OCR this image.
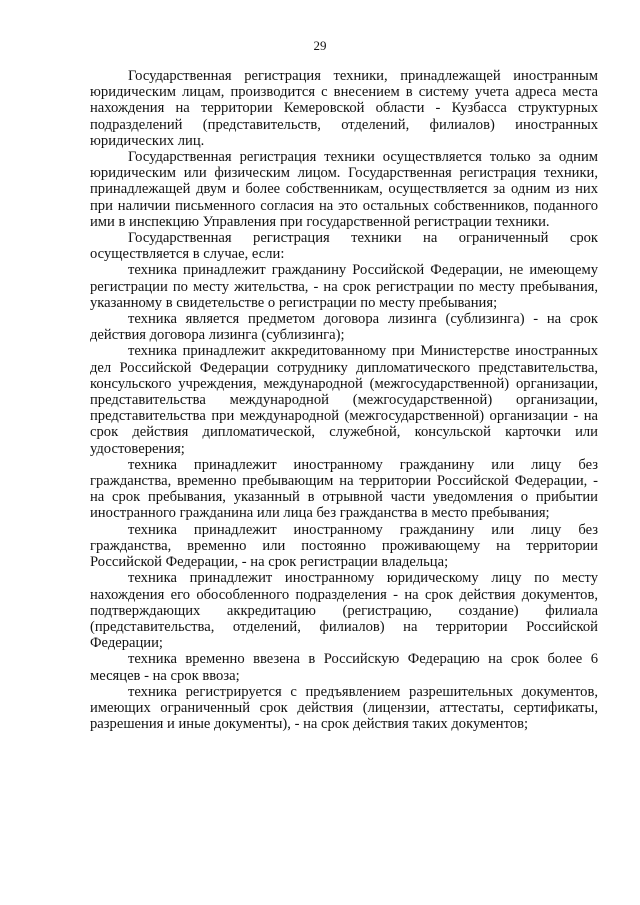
29

Государственная регистрация техники, принадлежащей иностранным юридическим лицам, производится с внесением в систему учета адреса места нахождения на территории Кемеровской области - Кузбасса структурных подразделений (представительств, отделений, филиалов) иностранных юридических лиц.

Государственная регистрация техники осуществляется только за одним юридическим или физическим лицом. Государственная регистрация техники, принадлежащей двум и более собственникам, осуществляется за одним из них при наличии письменного согласия на это остальных собственников, поданного ими в инспекцию Управления при государственной регистрации техники.

Государственная регистрация техники на ограниченный срок осуществляется в случае, если:

техника принадлежит гражданину Российской Федерации, не имеющему регистрации по месту жительства, - на срок регистрации по месту пребывания, указанному в свидетельстве о регистрации по месту пребывания;

техника является предметом договора лизинга (сублизинга) - на срок действия договора лизинга (сублизинга);

техника принадлежит аккредитованному при Министерстве иностранных дел Российской Федерации сотруднику дипломатического представительства, консульского учреждения, международной (межгосударственной) организации, представительства международной (межгосударственной) организации, представительства при международной (межгосударственной) организации - на срок действия дипломатической, служебной, консульской карточки или удостоверения;

техника принадлежит иностранному гражданину или лицу без гражданства, временно пребывающим на территории Российской Федерации, - на срок пребывания, указанный в отрывной части уведомления о прибытии иностранного гражданина или лица без гражданства в место пребывания;

техника принадлежит иностранному гражданину или лицу без гражданства, временно или постоянно проживающему на территории Российской Федерации, - на срок регистрации владельца;

техника принадлежит иностранному юридическому лицу по месту нахождения его обособленного подразделения - на срок действия документов, подтверждающих аккредитацию (регистрацию, создание) филиала (представительства, отделений, филиалов) на территории Российской Федерации;

техника временно ввезена в Российскую Федерацию на срок более 6 месяцев - на срок ввоза;

техника регистрируется с предъявлением разрешительных документов, имеющих ограниченный срок действия (лицензии, аттестаты, сертификаты, разрешения и иные документы), - на срок действия таких документов;
